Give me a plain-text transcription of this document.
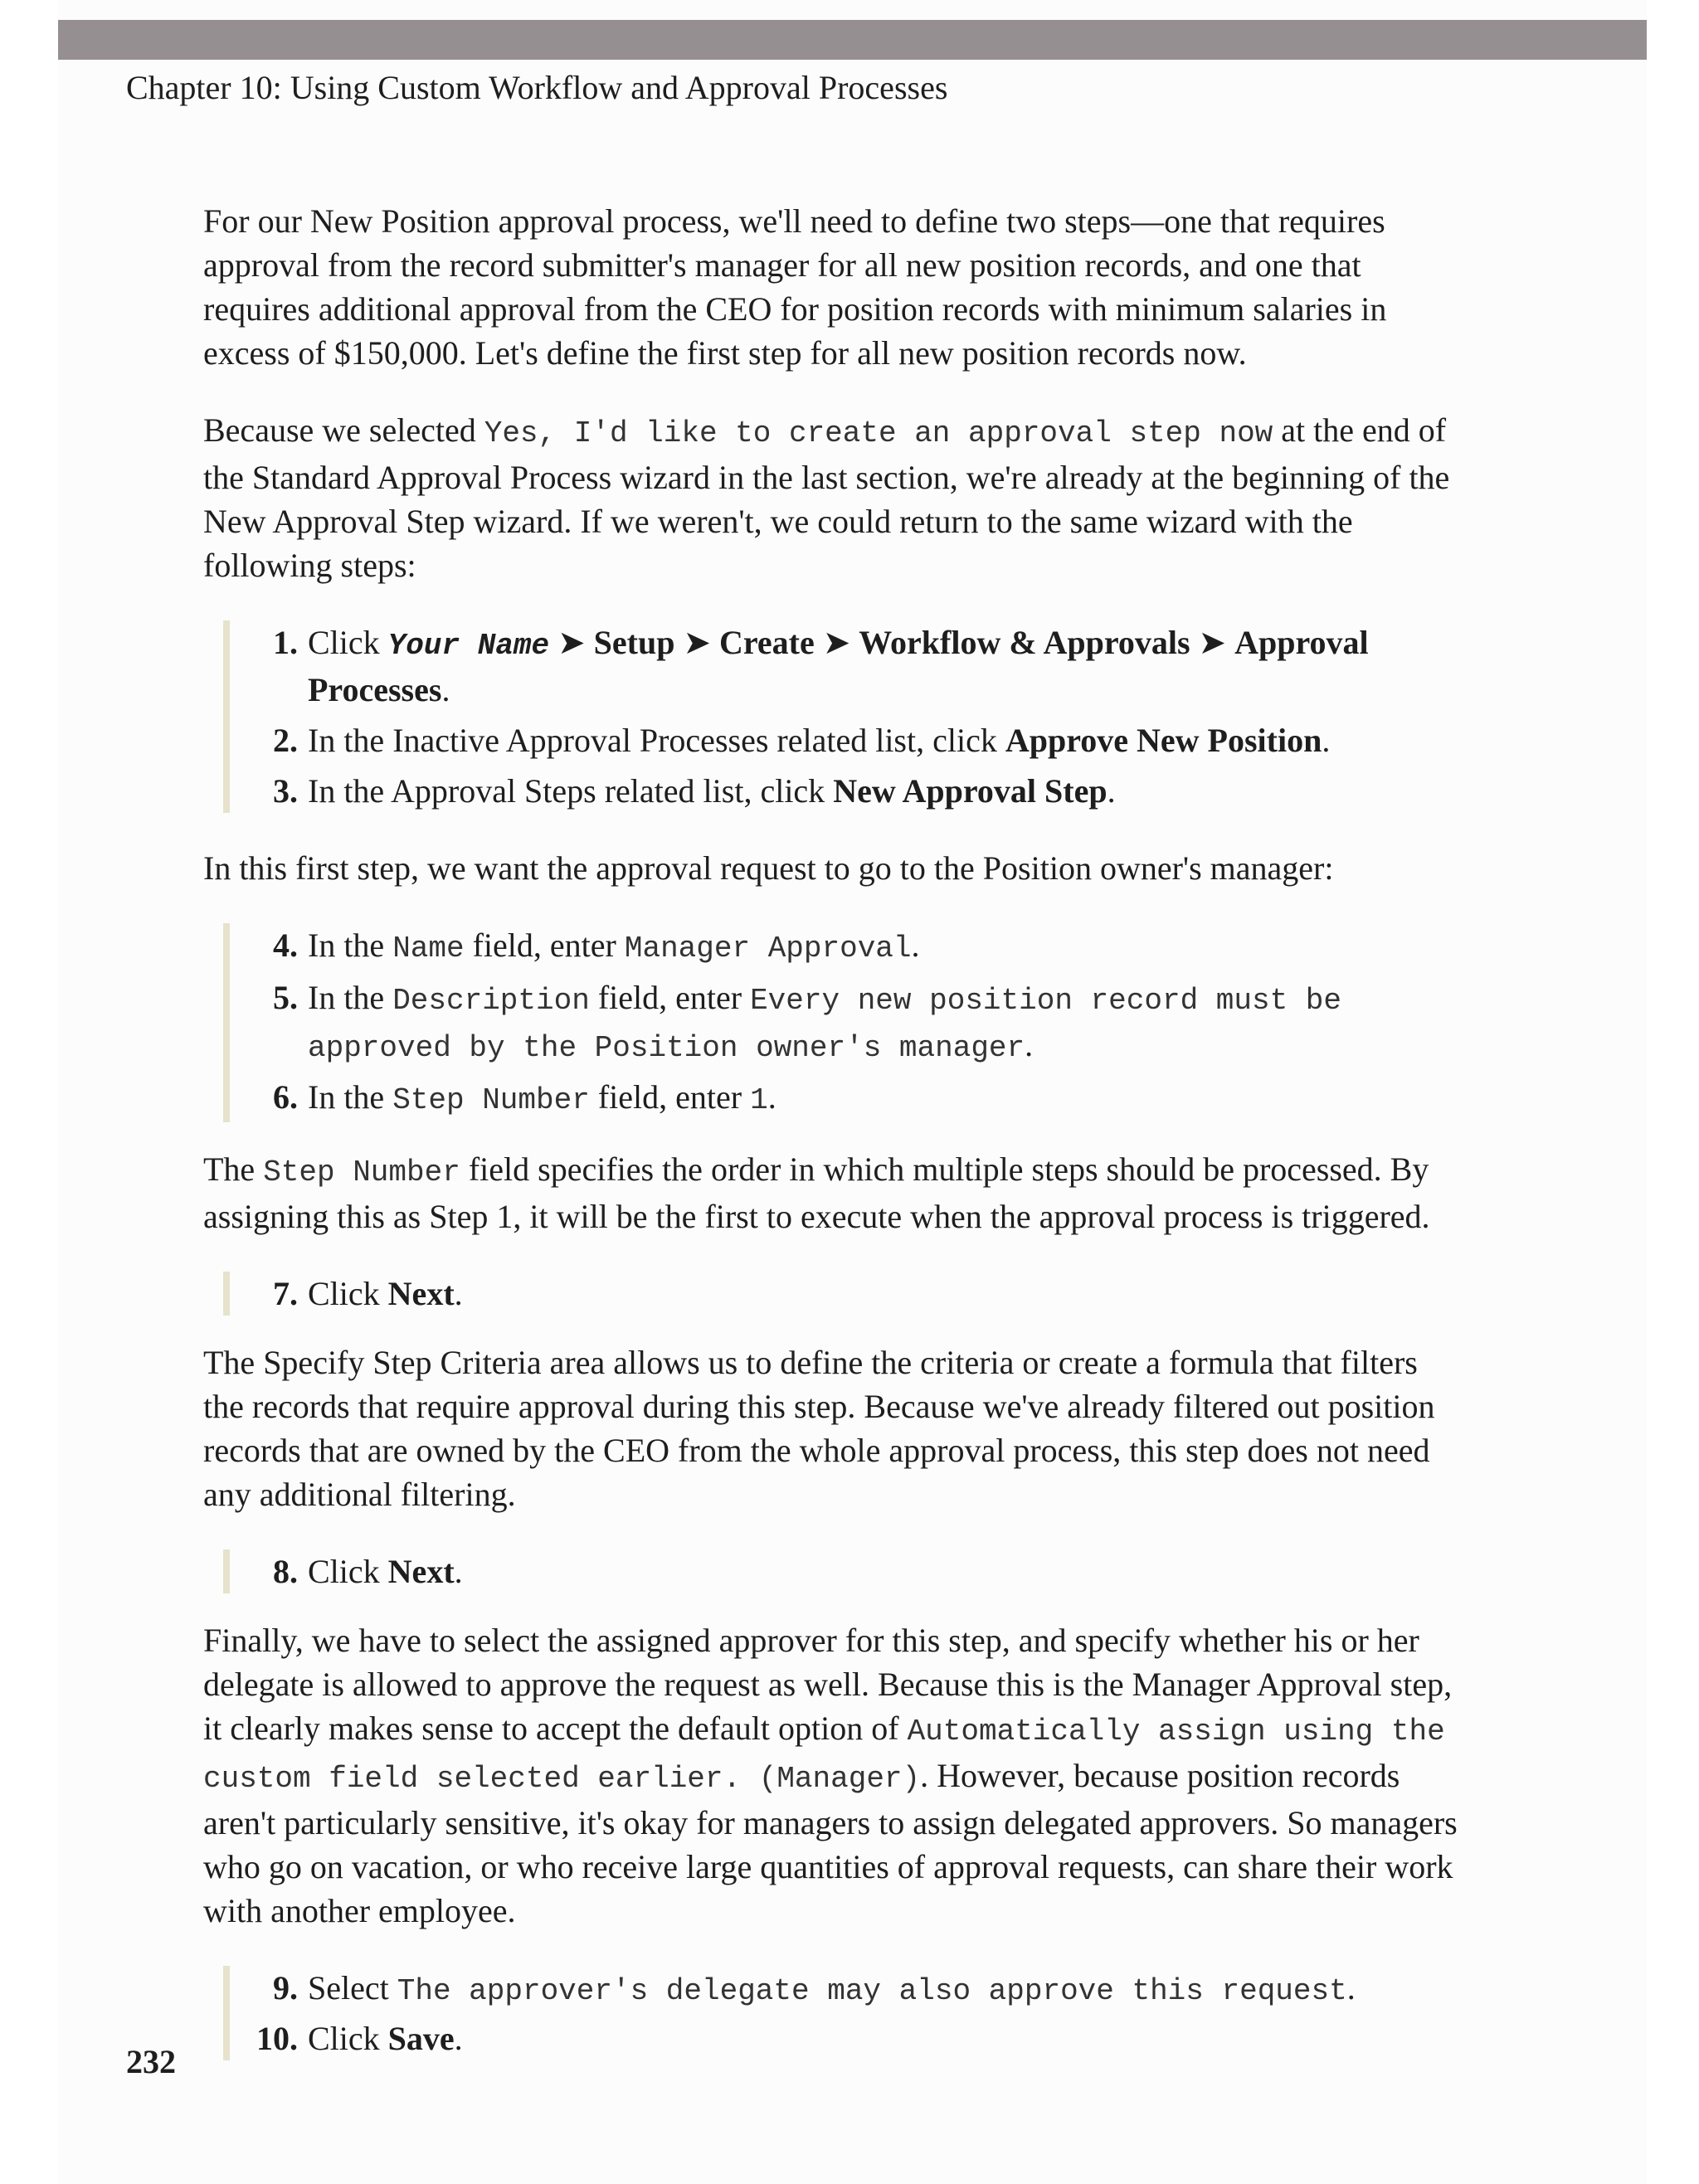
Chapter 10: Using Custom Workflow and Approval Processes

For our New Position approval process, we'll need to define two steps—one that requires approval from the record submitter's manager for all new position records, and one that requires additional approval from the CEO for position records with minimum salaries in excess of $150,000. Let's define the first step for all new position records now.

Because we selected Yes, I'd like to create an approval step now at the end of the Standard Approval Process wizard in the last section, we're already at the beginning of the New Approval Step wizard. If we weren't, we could return to the same wizard with the following steps:

1. Click Your Name ➤ Setup ➤ Create ➤ Workflow & Approvals ➤ Approval Processes.
2. In the Inactive Approval Processes related list, click Approve New Position.
3. In the Approval Steps related list, click New Approval Step.

In this first step, we want the approval request to go to the Position owner's manager:

4. In the Name field, enter Manager Approval.
5. In the Description field, enter Every new position record must be approved by the Position owner's manager.
6. In the Step Number field, enter 1.

The Step Number field specifies the order in which multiple steps should be processed. By assigning this as Step 1, it will be the first to execute when the approval process is triggered.

7. Click Next.

The Specify Step Criteria area allows us to define the criteria or create a formula that filters the records that require approval during this step. Because we've already filtered out position records that are owned by the CEO from the whole approval process, this step does not need any additional filtering.

8. Click Next.

Finally, we have to select the assigned approver for this step, and specify whether his or her delegate is allowed to approve the request as well. Because this is the Manager Approval step, it clearly makes sense to accept the default option of Automatically assign using the custom field selected earlier. (Manager). However, because position records aren't particularly sensitive, it's okay for managers to assign delegated approvers. So managers who go on vacation, or who receive large quantities of approval requests, can share their work with another employee.

9. Select The approver's delegate may also approve this request.
10. Click Save.
232
